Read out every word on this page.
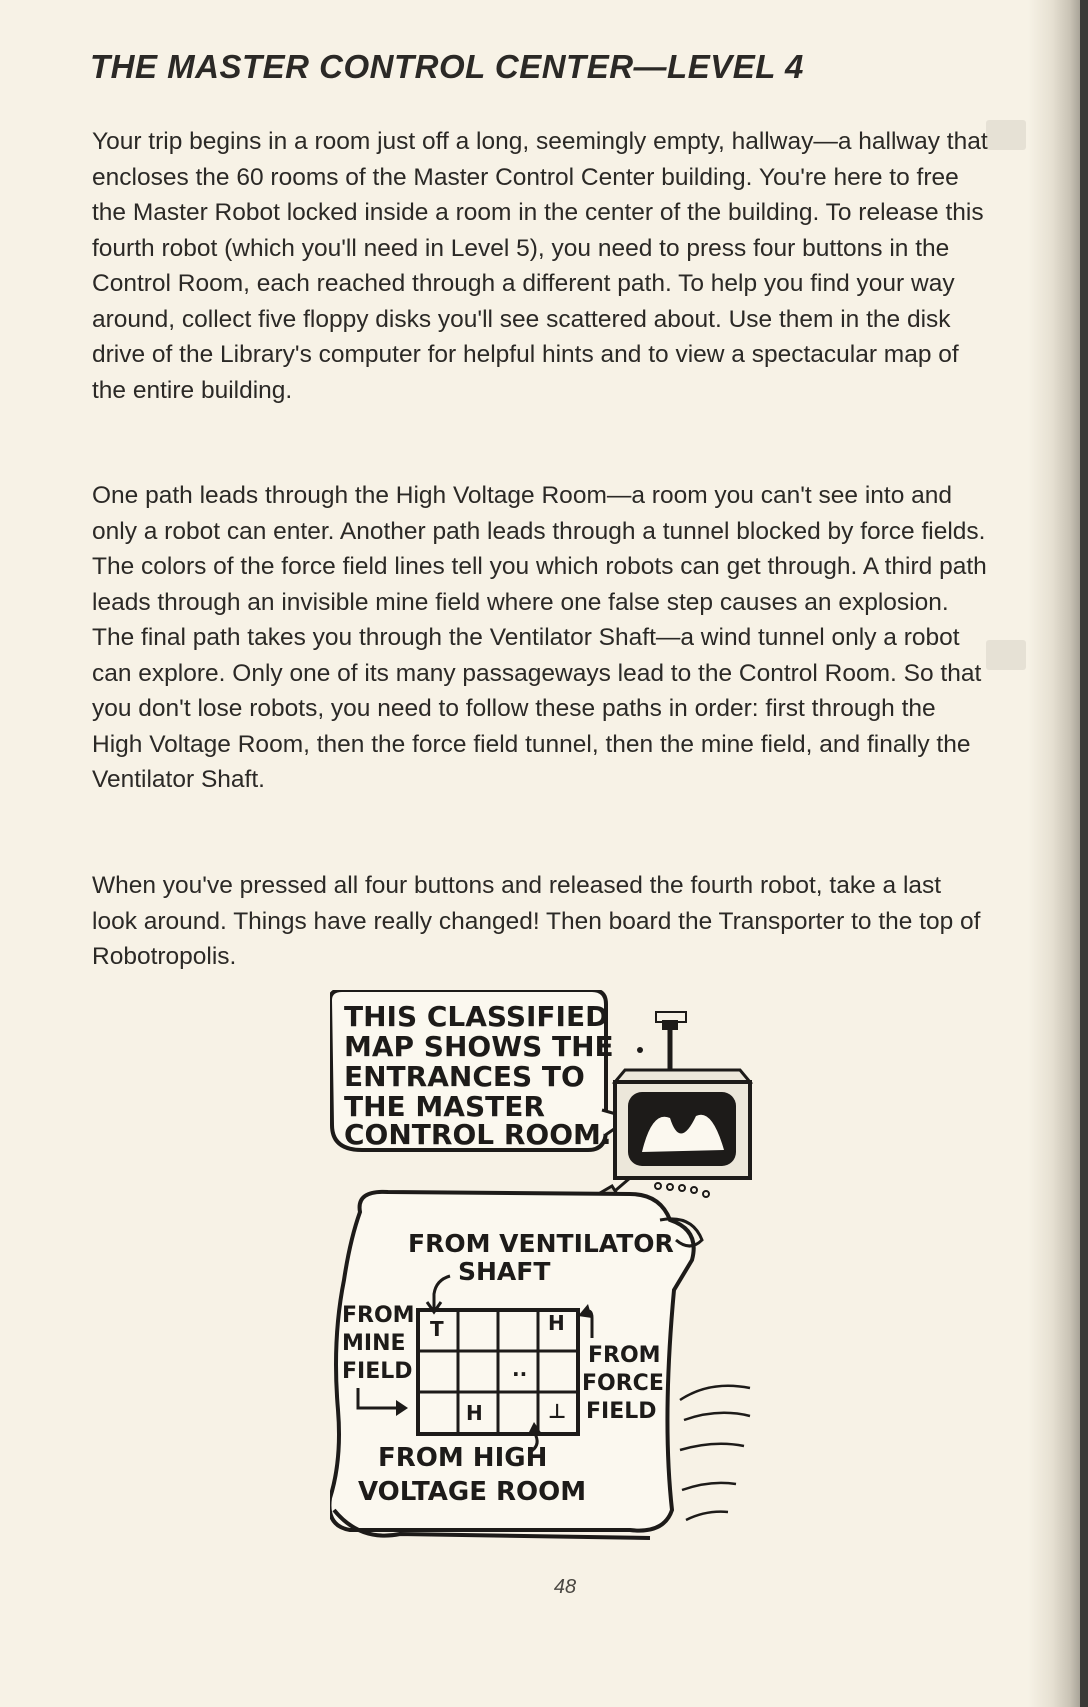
THE MASTER CONTROL CENTER—LEVEL 4

Your trip begins in a room just off a long, seemingly empty, hallway—a hallway that encloses the 60 rooms of the Master Control Center building. You're here to free the Master Robot locked inside a room in the center of the building. To release this fourth robot (which you'll need in Level 5), you need to press four buttons in the Control Room, each reached through a different path. To help you find your way around, collect five floppy disks you'll see scattered about. Use them in the disk drive of the Library's computer for helpful hints and to view a spectacular map of the entire building.

One path leads through the High Voltage Room—a room you can't see into and only a robot can enter. Another path leads through a tunnel blocked by force fields. The colors of the force field lines tell you which robots can get through. A third path leads through an invisible mine field where one false step causes an explosion. The final path takes you through the Ventilator Shaft—a wind tunnel only a robot can explore. Only one of its many passageways lead to the Control Room. So that you don't lose robots, you need to follow these paths in order: first through the High Voltage Room, then the force field tunnel, then the mine field, and finally the Ventilator Shaft.

When you've pressed all four buttons and released the fourth robot, take a last look around. Things have really changed! Then board the Transporter to the top of Robotropolis.

THIS CLASSIFIED
MAP SHOWS THE
ENTRANCES TO
THE MASTER
CONTROL ROOM.
FROM VENTILATOR
SHAFT
T	H
..
H	⊥
FROM
MINE
FIELD
FROM
FORCE
FIELD
FROM HIGH
VOLTAGE ROOM
48
